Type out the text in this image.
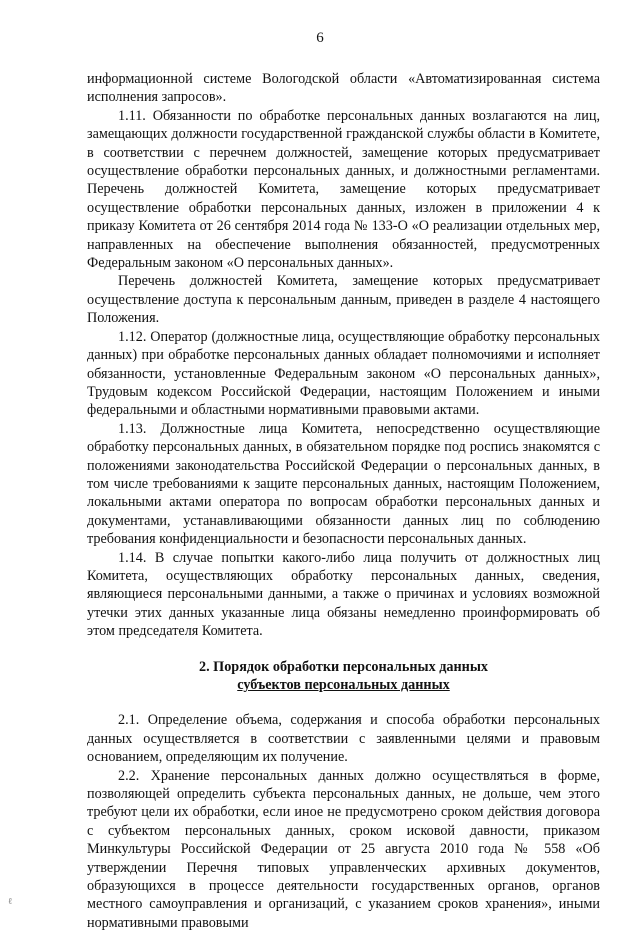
6

информационной системе Вологодской области «Автоматизированная система исполнения запросов».

1.11. Обязанности по обработке персональных данных возлагаются на лиц, замещающих должности государственной гражданской службы области в Комитете, в соответствии с перечнем должностей, замещение которых предусматривает осуществление обработки персональных данных, и должностными регламентами. Перечень должностей Комитета, замещение которых предусматривает осуществление обработки персональных данных, изложен в приложении 4 к приказу Комитета от 26 сентября 2014 года № 133-О «О реализации отдельных мер, направленных на обеспечение выполнения обязанностей, предусмотренных Федеральным законом «О персональных данных».

Перечень должностей Комитета, замещение которых предусматривает осуществление доступа к персональным данным, приведен в разделе 4 настоящего Положения.

1.12. Оператор (должностные лица, осуществляющие обработку персональных данных) при обработке персональных данных обладает полномочиями и исполняет обязанности, установленные Федеральным законом «О персональных данных», Трудовым кодексом Российской Федерации, настоящим Положением и иными федеральными и областными нормативными правовыми актами.

1.13. Должностные лица Комитета, непосредственно осуществляющие обработку персональных данных, в обязательном порядке под роспись знакомятся с положениями законодательства Российской Федерации о персональных данных, в том числе требованиями к защите персональных данных, настоящим Положением, локальными актами оператора по вопросам обработки персональных данных и документами, устанавливающими обязанности данных лиц по соблюдению требования конфиденциальности и безопасности персональных данных.

1.14. В случае попытки какого-либо лица получить от должностных лиц Комитета, осуществляющих обработку персональных данных, сведения, являющиеся персональными данными, а также о причинах и условиях возможной утечки этих данных указанные лица обязаны немедленно проинформировать об этом председателя Комитета.

2. Порядок обработки персональных данных
субъектов персональных данных

2.1. Определение объема, содержания и способа обработки персональных данных осуществляется в соответствии с заявленными целями и правовым основанием, определяющим их получение.

2.2. Хранение персональных данных должно осуществляться в форме, позволяющей определить субъекта персональных данных, не дольше, чем этого требуют цели их обработки, если иное не предусмотрено сроком действия договора с субъектом персональных данных, сроком исковой давности, приказом Минкультуры Российской Федерации от 25 августа 2010 года № 558 «Об утверждении Перечня типовых управленческих архивных документов, образующихся в процессе деятельности государственных органов, органов местного самоуправления и организаций, с указанием сроков хранения», иными нормативными правовыми

ℓ
